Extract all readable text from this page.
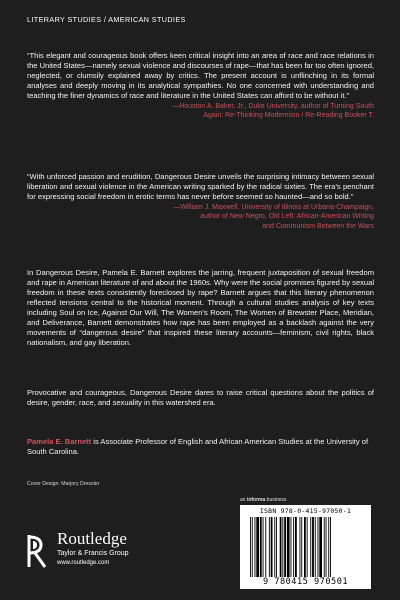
LITERARY STUDIES / AMERICAN STUDIES
“This elegant and courageous book offers keen critical insight into an area of race and race relations in the United States—namely sexual violence and discourses of rape—that has been far too often ignored, neglected, or clumsily explained away by critics. The present account is unflinching in its formal analyses and deeply moving in its analytical sympathies. No one concerned with understanding and teaching the finer dynamics of race and literature in the United States can afford to be without it.”
—Houston A. Baker, Jr., Duke University, author of Turning South
Again: Re-Thinking Modernism / Re-Reading Booker T.
“With unforced passion and erudition, Dangerous Desire unveils the surprising intimacy between sexual liberation and sexual violence in the American writing sparked by the radical sixties. The era’s penchant for expressing social freedom in erotic terms has never before seemed so haunted—and so bold.”
—William J. Maxwell, University of Illinois at Urbana-Champaign,
author of New Negro, Old Left: African-American Writing
and Communism Between the Wars
In Dangerous Desire, Pamela E. Barnett explores the jarring, frequent juxtaposition of sexual freedom and rape in American literature of and about the 1960s. Why were the social promises figured by sexual freedom in these texts consistently foreclosed by rape? Barnett argues that this literary phenomenon reflected tensions central to the historical moment. Through a cultural studies analysis of key texts including Soul on Ice, Against Our Will, The Women’s Room, The Women of Brewster Place, Meridian, and Deliverance, Barnett demonstrates how rape has been employed as a backlash against the very movements of “dangerous desire” that inspired these literary accounts—feminism, civil rights, black nationalism, and gay liberation.
Provocative and courageous, Dangerous Desire dares to raise critical questions about the politics of desire, gender, race, and sexuality in this watershed era.
Pamela E. Barnett is Associate Professor of English and African American Studies at the University of South Carolina.
Cover Design: Marjory Dressler
an informa business
ISBN 978-0-415-97050-1
9 780415 970501
Routledge
Taylor & Francis Group
www.routledge.com
